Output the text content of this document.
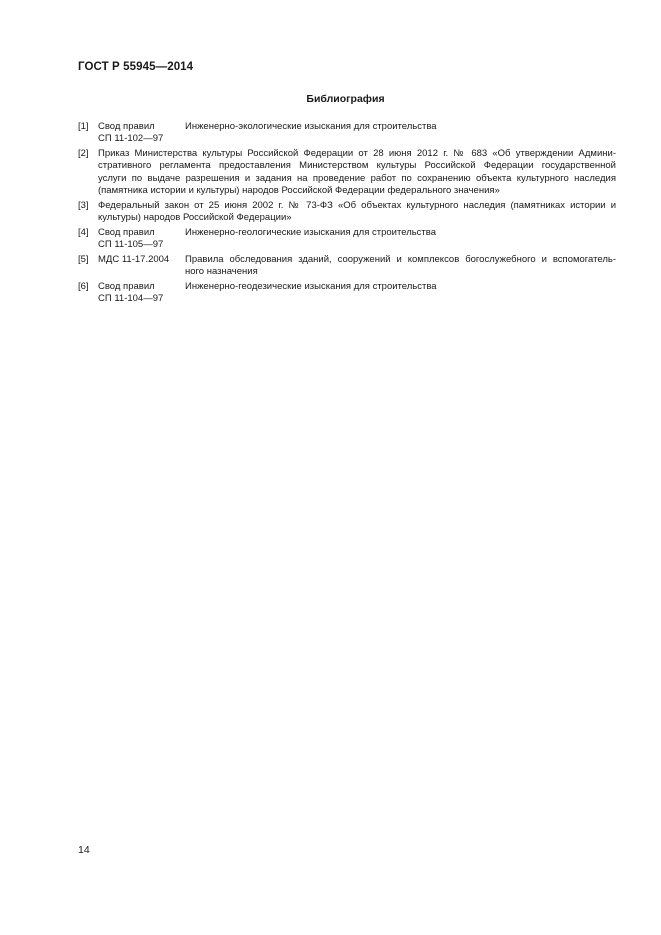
ГОСТ Р 55945—2014
Библиография
[1] Свод правил
СП 11-102—97
Инженерно-экологические изыскания для строительства

[2] Приказ Министерства культуры Российской Федерации от 28 июня 2012 г. № 683 «Об утверждении Админи-
стративного регламента предоставления Министерством культуры Российской Федерации государственной
услуги по выдаче разрешения и задания на проведение работ по сохранению объекта культурного наследия
(памятника истории и культуры) народов Российской Федерации федерального значения»
[3] Федеральный закон от 25 июня 2002 г. № 73-ФЗ «Об объектах культурного наследия (памятниках истории и
культуры) народов Российской Федерации»
[4] Свод правил
СП 11-105—97
Инженерно-геологические изыскания для строительства

[5] МДС 11-17.2004	Правила обследования зданий, сооружений и комплексов богослужебного и вспомогатель-
ного назначения
[6] Свод правил
СП 11-104—97
Инженерно-геодезические изыскания для строительства

14
